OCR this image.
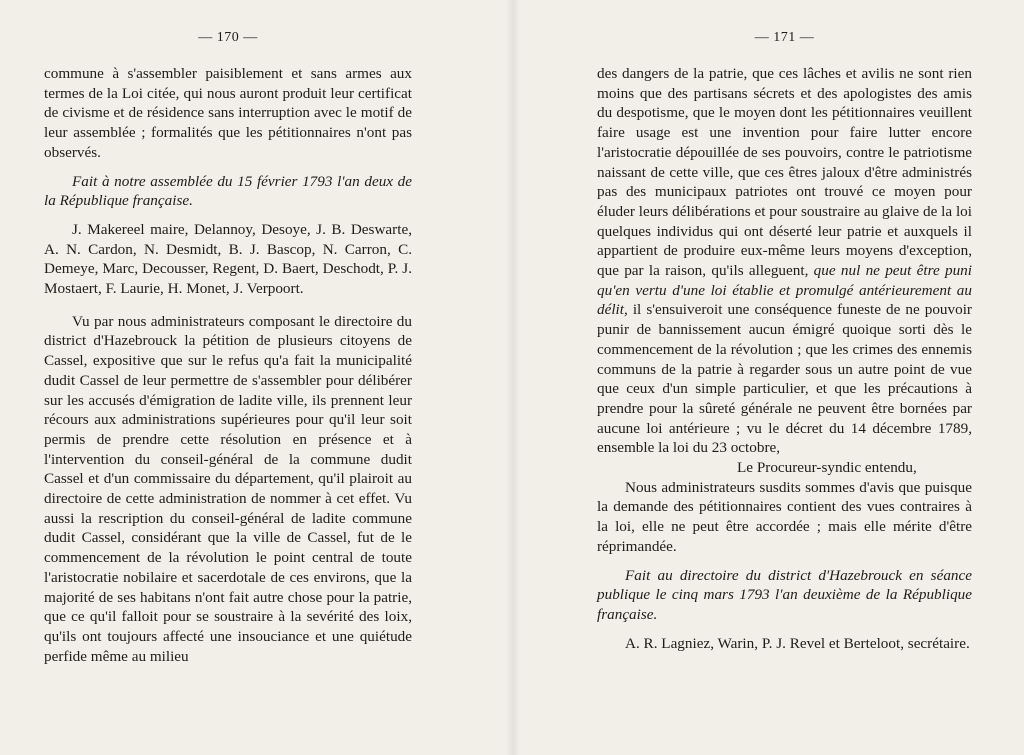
— 170 —

commune à s'assembler paisiblement et sans armes aux termes de la Loi citée, qui nous auront produit leur certificat de civisme et de résidence sans interruption avec le motif de leur assemblée ; formalités que les pétitionnaires n'ont pas observés.

Fait à notre assemblée du 15 février 1793 l'an deux de la République française.

J. Makereel maire, Delannoy, Desoye, J. B. Deswarte, A. N. Cardon, N. Desmidt, B. J. Bascop, N. Carron, C. Demeye, Marc, Decousser, Regent, D. Baert, Deschodt, P. J. Mostaert, F. Laurie, H. Monet, J. Verpoort.

Vu par nous administrateurs composant le directoire du district d'Hazebrouck la pétition de plusieurs citoyens de Cassel, expositive que sur le refus qu'a fait la municipalité dudit Cassel de leur permettre de s'assembler pour délibérer sur les accusés d'émigration de ladite ville, ils prennent leur récours aux administrations supérieures pour qu'il leur soit permis de prendre cette résolution en présence et à l'intervention du conseil-général de la commune dudit Cassel et d'un commissaire du département, qu'il plairoit au directoire de cette administration de nommer à cet effet. Vu aussi la rescription du conseil-général de ladite commune dudit Cassel, considérant que la ville de Cassel, fut de le commencement de la révolution le point central de toute l'aristocratie nobilaire et sacerdotale de ces environs, que la majorité de ses habitans n'ont fait autre chose pour la patrie, que ce qu'il falloit pour se soustraire à la sevérité des loix, qu'ils ont toujours affecté une insouciance et une quiétude perfide même au milieu

— 171 —

des dangers de la patrie, que ces lâches et avilis ne sont rien moins que des partisans sécrets et des apologistes des amis du despotisme, que le moyen dont les pétitionnaires veuillent faire usage est une invention pour faire lutter encore l'aristocratie dépouillée de ses pouvoirs, contre le patriotisme naissant de cette ville, que ces êtres jaloux d'être administrés pas des municipaux patriotes ont trouvé ce moyen pour éluder leurs délibérations et pour soustraire au glaive de la loi quelques individus qui ont déserté leur patrie et auxquels il appartient de produire eux-même leurs moyens d'exception, que par la raison, qu'ils alleguent, que nul ne peut être puni qu'en vertu d'une loi établie et promulgé antérieurement au délit, il s'ensuiveroit une conséquence funeste de ne pouvoir punir de bannissement aucun émigré quoique sorti dès le commencement de la révolution ; que les crimes des ennemis communs de la patrie à regarder sous un autre point de vue que ceux d'un simple particulier, et que les précautions à prendre pour la sûreté générale ne peuvent être bornées par aucune loi antérieure ; vu le décret du 14 décembre 1789, ensemble la loi du 23 octobre,

Le Procureur-syndic entendu,

Nous administrateurs susdits sommes d'avis que puisque la demande des pétitionnaires contient des vues contraires à la loi, elle ne peut être accordée ; mais elle mérite d'être réprimandée.

Fait au directoire du district d'Hazebrouck en séance publique le cinq mars 1793 l'an deuxième de la République française.

A. R. Lagniez, Warin, P. J. Revel et Berteloot, secrétaire.
